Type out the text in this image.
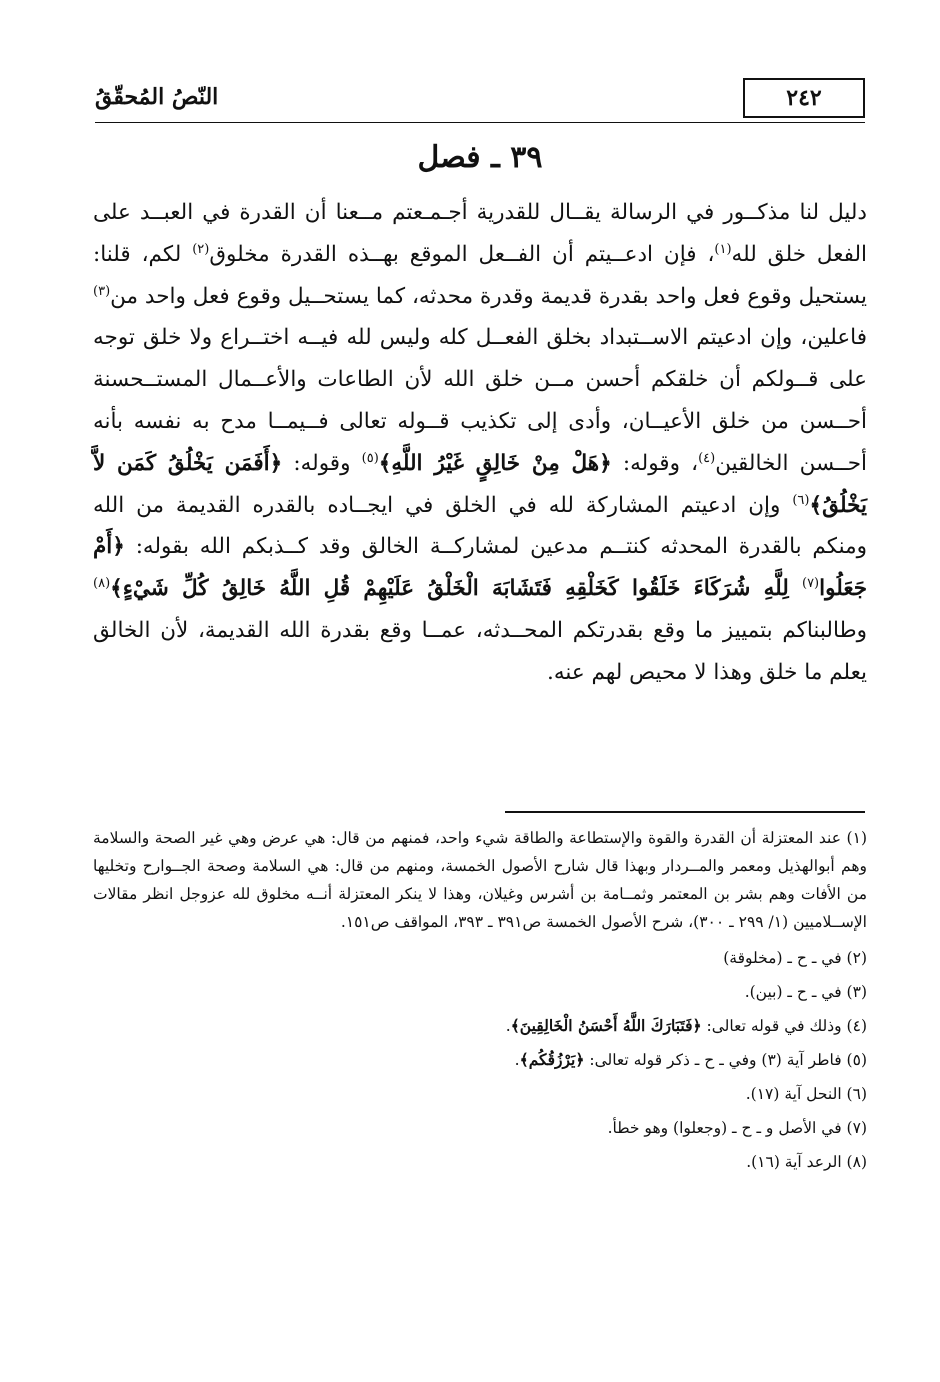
٢٤٢
النّصُ المُحقّقُ
٣٩ ـ فصل
دليل لنا مذكــور في الرسالة يقــال للقدرية أجـمـعتم مــعنا أن القدرة في العبــد على الفعل خلق لله$^{(١)}$، فإن ادعــيتم أن الفــعل الموقع بهــذه القدرة مخلوق$^{(٢)}$ لكم، قلنا: يستحيل وقوع فعل واحد بقدرة قديمة وقدرة محدثه، كما يستحــيل وقوع فعل واحد من$^{(٣)}$ فاعلين، وإن ادعيتم الاســتبداد بخلق الفعــل كله وليس لله فيــه اختــراع ولا خلق توجه على قــولكم أن خلقكم أحسن مــن خلق الله لأن الطاعات والأعــمال المستــحسنة أحــسن من خلق الأعيــان، وأدى إلى تكذيب قــوله تعالى فــيمــا مدح به نفسه بأنه أحــسن الخالقين$^{(٤)}$، وقوله: ﴿هَلْ مِنْ خَالِقٍ غَيْرُ اللَّهِ﴾$^{(٥)}$ وقوله: ﴿أَفَمَن يَخْلُقُ كَمَن لاَّ يَخْلُقُ﴾$^{(٦)}$ وإن ادعيتم المشاركة لله في الخلق في ايجــاده بالقدره القديمة من الله ومنكم بالقدرة المحدثه كنتــم مدعين لمشاركــة الخالق وقد كــذبكم الله بقوله: ﴿أَمْ جَعَلُوا$^{(٧)}$ لِلَّهِ شُرَكَاءَ خَلَقُوا كَخَلْقِهِ فَتَشَابَهَ الْخَلْقُ عَلَيْهِمْ قُلِ اللَّهُ خَالِقُ كُلِّ شَيْءٍ﴾$^{(٨)}$ وطالبناكم بتمييز ما وقع بقدرتكم المحــدثه، عمــا وقع بقدرة الله القديمة، لأن الخالق يعلم ما خلق وهذا لا محيص لهم عنه.

(١) عند المعتزلة أن القدرة والقوة والإستطاعة والطاقة شيء واحد، فمنهم من قال: هي عرض وهي غير الصحة والسلامة وهم أبوالهذيل ومعمر والمــردار وبهذا قال شارح الأصول الخمسة، ومنهم من قال: هي السلامة وصحة الجــوارح وتخليها من الأفات وهم بشر بن المعتمر وثمــامة بن أشرس وغيلان، وهذا لا ينكر المعتزلة أنــه مخلوق لله عزوجل انظر مقالات الإســلاميين (١/ ٢٩٩ ـ ٣٠٠)، شرح الأصول الخمسة ص٣٩١ ـ ٣٩٣، المواقف ص١٥١.

(٢) في ـ ح ـ (مخلوقة)

(٣) في ـ ح ـ (بين).

(٤) وذلك في قوله تعالى: ﴿فَتَبَارَكَ اللَّهُ أَحْسَنُ الْخَالِقِينَ﴾.

(٥) فاطر آية (٣) وفي ـ ح ـ ذكر قوله تعالى: ﴿يَرْزُقُكُم﴾.

(٦) النحل آية (١٧).

(٧) في الأصل و ـ ح ـ (وجعلوا) وهو خطأ.

(٨) الرعد آية (١٦).
